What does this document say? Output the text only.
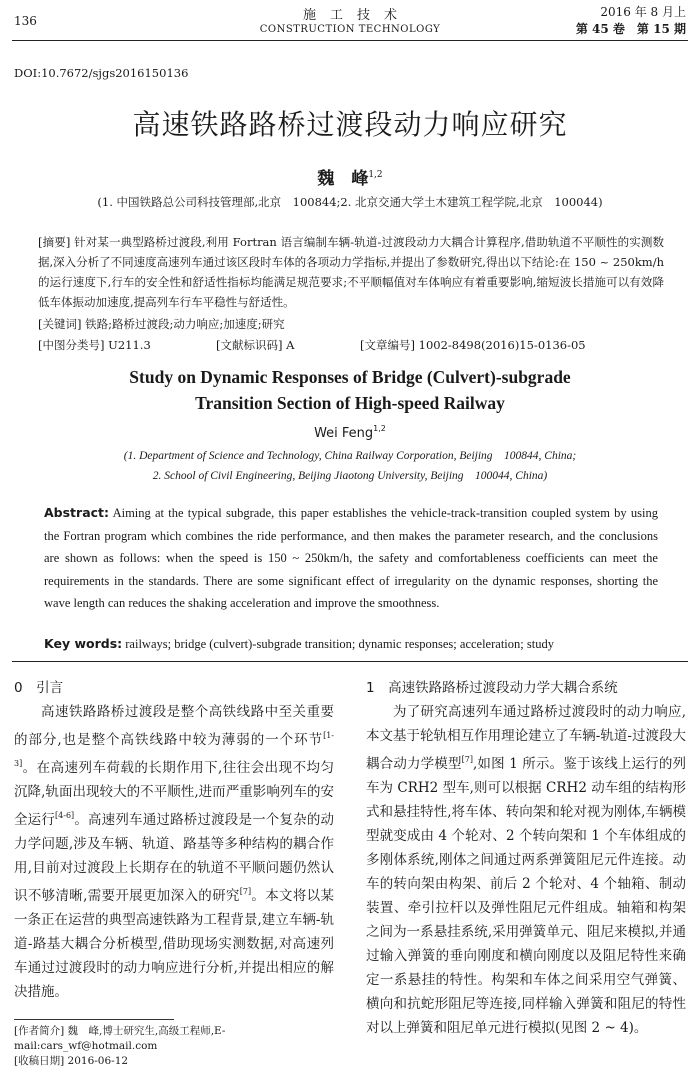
136	施工技术
CONSTRUCTION TECHNOLOGY
2016 年 8 月上
第 45 卷　第 15 期
DOI:10.7672/sjgs2016150136
高速铁路路桥过渡段动力响应研究
魏　峰$^{1,2}$
(1. 中国铁路总公司科技管理部,北京　100844;2. 北京交通大学土木建筑工程学院,北京　100044)
[摘要] 针对某一典型路桥过渡段,利用 Fortran 语言编制车辆-轨道-过渡段动力大耦合计算程序,借助轨道不平顺性的实测数据,深入分析了不同速度高速列车通过该区段时车体的各项动力学指标,并提出了参数研究,得出以下结论:在 150 ~ 250km/h 的运行速度下,行车的安全性和舒适性指标均能满足规范要求;不平顺幅值对车体响应有着重要影响,缩短波长措施可以有效降低车体振动加速度,提高列车行车平稳性与舒适性。
[关键词] 铁路;路桥过渡段;动力响应;加速度;研究
[中图分类号] U211.3	[文献标识码] A	[文章编号] 1002-8498(2016)15-0136-05
Study on Dynamic Responses of Bridge (Culvert)-subgrade
Transition Section of High-speed Railway
Wei Feng$^{1,2}$
(1. Department of Science and Technology, China Railway Corporation, Beijing　100844, China;
2. School of Civil Engineering, Beijing Jiaotong University, Beijing　100044, China)
Abstract: Aiming at the typical subgrade, this paper establishes the vehicle-track-transition coupled system by using the Fortran program which combines the ride performance, and then makes the parameter research, and the conclusions are shown as follows: when the speed is 150 ~ 250km/h, the safety and comfortableness coefficients can meet the requirements in the standards. There are some significant effect of irregularity on the dynamic responses, shorting the wave length can reduces the shaking acceleration and improve the smoothness.
Key words: railways; bridge (culvert)-subgrade transition; dynamic responses; acceleration; study
0　引言

高速铁路路桥过渡段是整个高铁线路中至关重要的部分,也是整个高铁线路中较为薄弱的一个环节[1-3]。在高速列车荷载的长期作用下,往往会出现不均匀沉降,轨面出现较大的不平顺性,进而严重影响列车的安全运行[4-6]。高速列车通过路桥过渡段是一个复杂的动力学问题,涉及车辆、轨道、路基等多种结构的耦合作用,目前对过渡段上长期存在的轨道不平顺问题仍然认识不够清晰,需要开展更加深入的研究[7]。本文将以某一条正在运营的典型高速铁路为工程背景,建立车辆-轨道-路基大耦合分析模型,借助现场实测数据,对高速列车通过过渡段时的动力响应进行分析,并提出相应的解决措施。

1　高速铁路路桥过渡段动力学大耦合系统

为了研究高速列车通过路桥过渡段时的动力响应,本文基于轮轨相互作用理论建立了车辆-轨道-过渡段大耦合动力学模型[7],如图 1 所示。鉴于该线上运行的列车为 CRH2 型车,则可以根据 CRH2 动车组的结构形式和悬挂特性,将车体、转向架和轮对视为刚体,车辆模型就变成由 4 个轮对、2 个转向架和 1 个车体组成的多刚体系统,刚体之间通过两系弹簧阻尼元件连接。动车的转向架由构架、前后 2 个轮对、4 个轴箱、制动装置、牵引拉杆以及弹性阻尼元件组成。轴箱和构架之间为一系悬挂系统,采用弹簧单元、阻尼来模拟,并通过输入弹簧的垂向刚度和横向刚度以及阻尼特性来确定一系悬挂的特性。构架和车体之间采用空气弹簧、横向和抗蛇形阻尼等连接,同样输入弹簧和阻尼的特性对以上弹簧和阻尼单元进行模拟(见图 2 ~ 4)。

[作者简介] 魏　峰,博士研究生,高级工程师,E-mail:cars_wf@hotmail.com
[收稿日期] 2016-06-12
